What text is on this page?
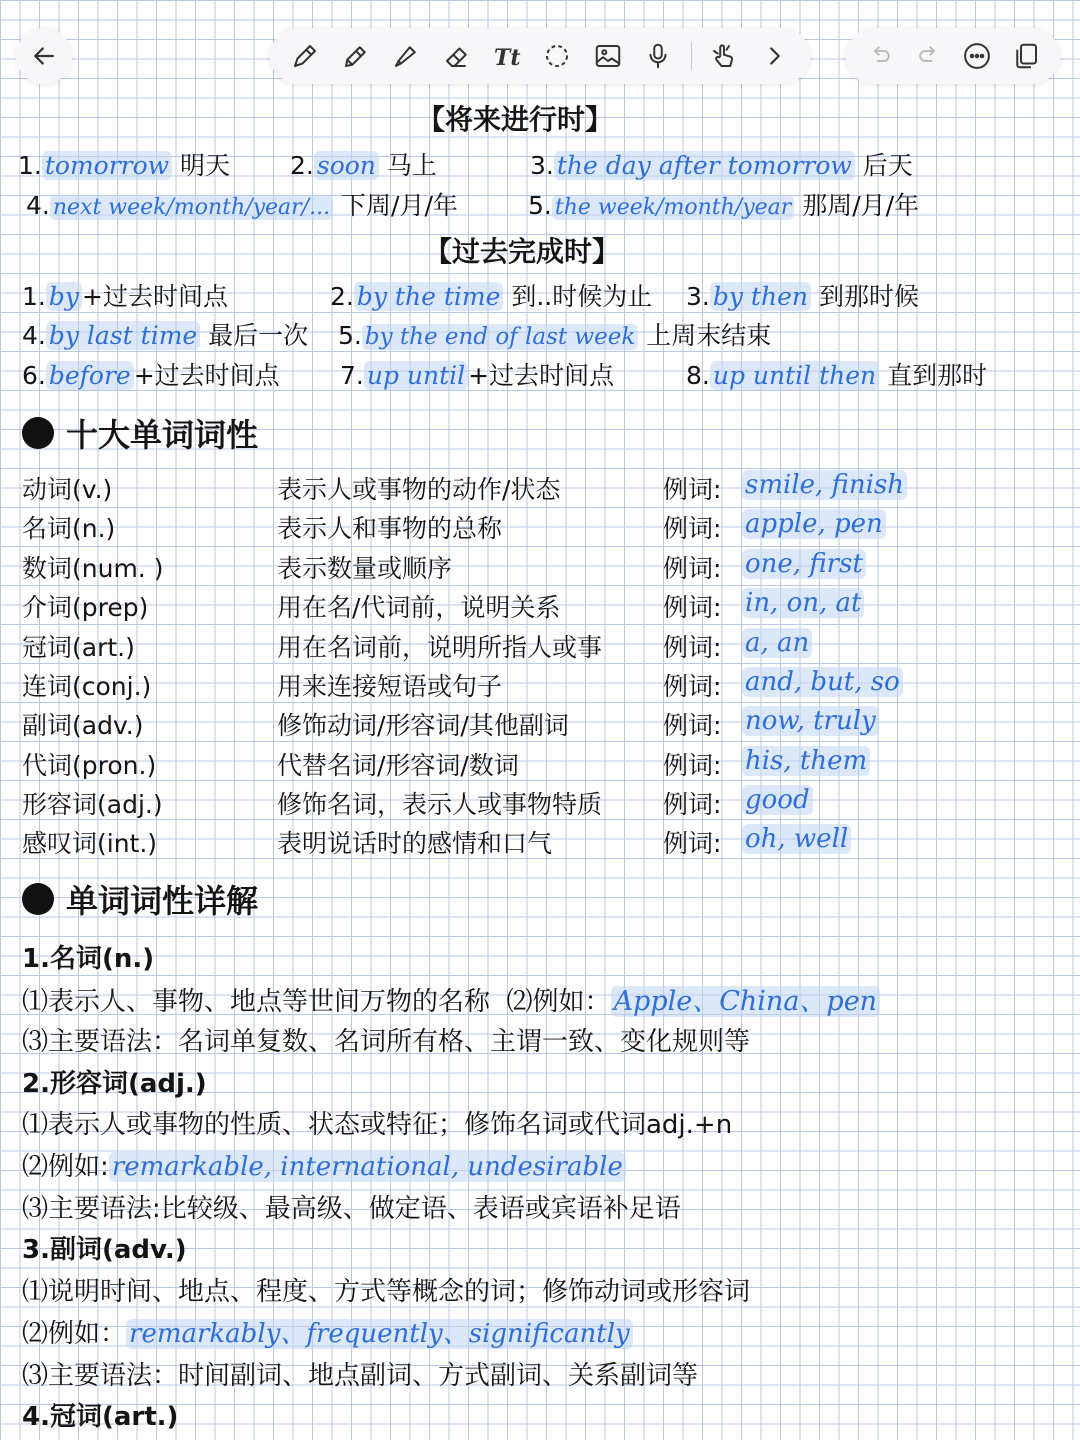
Tt
【将来进行时】
1. tomorrow 明天 2. soon 马上	3. the day after tomorrow 后天
4. next week/month/year/... 下周/月/年	5. the week/month/year 那周/月/年
【过去完成时】
1. by +过去时间点	2. by the time 到..时候为止 3. by then 到那时候
4. by last time 最后一次 5. by the end of last week 上周末结束
6. before +过去时间点 7. up until +过去时间点	8. up until then 直到那时
十大单词词性
动词(v.)	表示人或事物的动作/状态	例词: smile, finish
名词(n.)	表示人和事物的总称	例词: apple, pen
数词(num. )	表示数量或顺序	例词: one, first
介词(prep)	用在名/代词前，说明关系	例词: in, on, at
冠词(art.)	用在名词前，说明所指人或事 例词: a, an
连词(conj.)	用来连接短语或句子	例词: and, but, so
副词(adv.)	修饰动词/形容词/其他副词	例词: now, truly
代词(pron.)	代替名词/形容词/数词	例词: his, them
形容词(adj.)	修饰名词，表示人或事物特质 例词: good
感叹词(int.)	表明说话时的感情和口气	例词: oh, well
单词词性详解
1.名词(n.)
⑴表示人、事物、地点等世间万物的名称 ⑵例如： Apple、China、pen
⑶主要语法：名词单复数、名词所有格、主谓一致、变化规则等
2.形容词(adj.)
⑴表示人或事物的性质、状态或特征；修饰名词或代词adj.+n
⑵例如: remarkable, international, undesirable
⑶主要语法:比较级、最高级、做定语、表语或宾语补足语
3.副词(adv.)
⑴说明时间、地点、程度、方式等概念的词；修饰动词或形容词
⑵例如： remarkably、frequently、significantly
⑶主要语法：时间副词、地点副词、方式副词、关系副词等
4.冠词(art.)
